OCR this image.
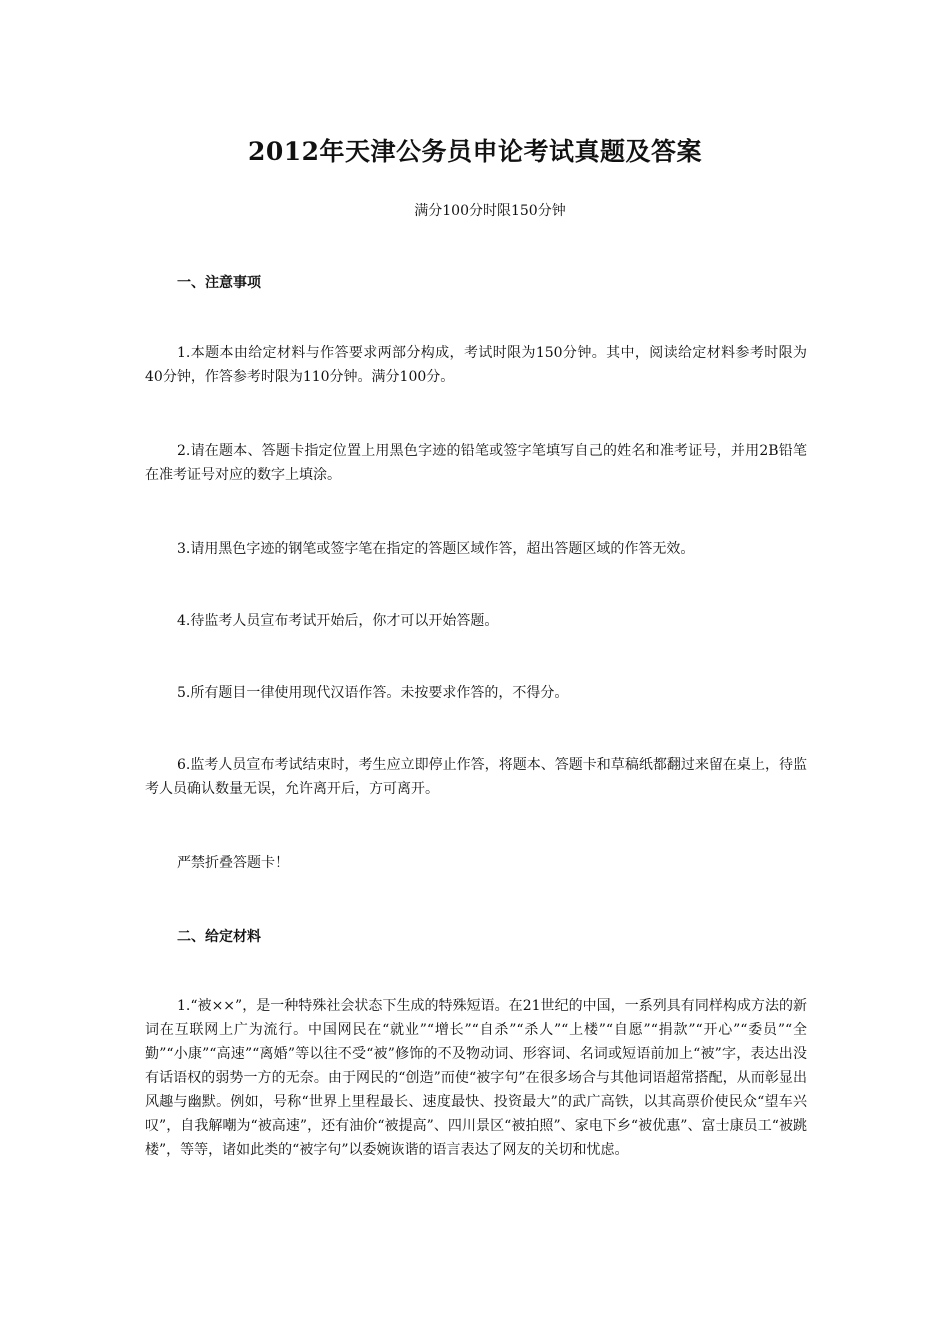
2012年天津公务员申论考试真题及答案

满分100分时限150分钟

一、注意事项

1.本题本由给定材料与作答要求两部分构成，考试时限为150分钟。其中，阅读给定材料参考时限为40分钟，作答参考时限为110分钟。满分100分。

2.请在题本、答题卡指定位置上用黑色字迹的铅笔或签字笔填写自己的姓名和准考证号，并用2B铅笔在准考证号对应的数字上填涂。

3.请用黑色字迹的钢笔或签字笔在指定的答题区域作答，超出答题区域的作答无效。

4.待监考人员宣布考试开始后，你才可以开始答题。

5.所有题目一律使用现代汉语作答。未按要求作答的，不得分。

6.监考人员宣布考试结束时，考生应立即停止作答，将题本、答题卡和草稿纸都翻过来留在桌上，待监考人员确认数量无误，允许离开后，方可离开。

严禁折叠答题卡！

二、给定材料

1.“被××”，是一种特殊社会状态下生成的特殊短语。在21世纪的中国，一系列具有同样构成方法的新词在互联网上广为流行。中国网民在“就业”“增长”“自杀”“杀人”“上楼”“自愿”“捐款”“开心”“委员”“全勤”“小康”“高速”“离婚”等以往不受“被”修饰的不及物动词、形容词、名词或短语前加上“被”字，表达出没有话语权的弱势一方的无奈。由于网民的“创造”而使“被字句”在很多场合与其他词语超常搭配，从而彰显出风趣与幽默。例如，号称“世界上里程最长、速度最快、投资最大”的武广高铁，以其高票价使民众“望车兴叹”，自我解嘲为“被高速”，还有油价“被提高”、四川景区“被拍照”、家电下乡“被优惠”、富士康员工“被跳楼”，等等，诸如此类的“被字句”以委婉诙谐的语言表达了网友的关切和忧虑。
